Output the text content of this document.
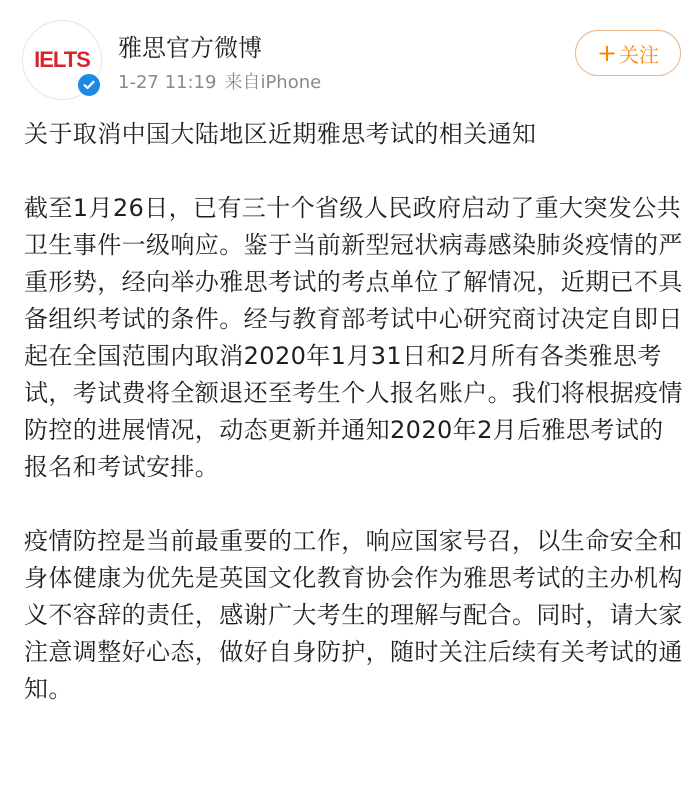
IELTS 雅思官方微博
1-27 11:19 来自iPhone
+ 关注

关于取消中国大陆地区近期雅思考试的相关通知

截至1月26日，已有三十个省级人民政府启动了重大突发公共卫生事件一级响应。鉴于当前新型冠状病毒感染肺炎疫情的严重形势，经向举办雅思考试的考点单位了解情况，近期已不具备组织考试的条件。经与教育部考试中心研究商讨决定自即日起在全国范围内取消2020年1月31日和2月所有各类雅思考试，考试费将全额退还至考生个人报名账户。我们将根据疫情防控的进展情况，动态更新并通知2020年2月后雅思考试的报名和考试安排。

疫情防控是当前最重要的工作，响应国家号召，以生命安全和身体健康为优先是英国文化教育协会作为雅思考试的主办机构义不容辞的责任，感谢广大考生的理解与配合。同时，请大家注意调整好心态，做好自身防护，随时关注后续有关考试的通知。
